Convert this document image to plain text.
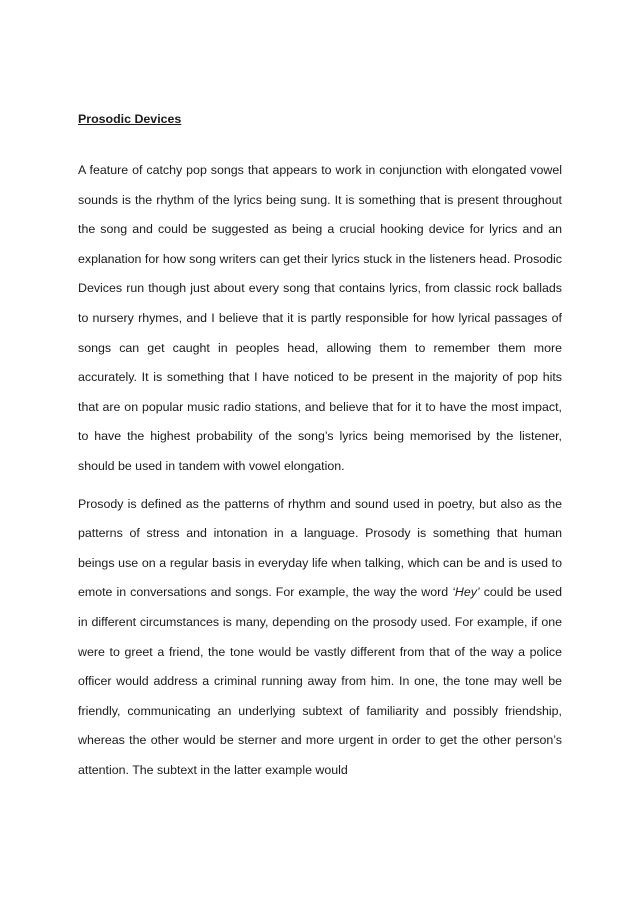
Prosodic Devices

A feature of catchy pop songs that appears to work in conjunction with elongated vowel sounds is the rhythm of the lyrics being sung. It is something that is present throughout the song and could be suggested as being a crucial hooking device for lyrics and an explanation for how song writers can get their lyrics stuck in the listeners head. Prosodic Devices run though just about every song that contains lyrics, from classic rock ballads to nursery rhymes, and I believe that it is partly responsible for how lyrical passages of songs can get caught in peoples head, allowing them to remember them more accurately. It is something that I have noticed to be present in the majority of pop hits that are on popular music radio stations, and believe that for it to have the most impact, to have the highest probability of the song’s lyrics being memorised by the listener, should be used in tandem with vowel elongation.

Prosody is defined as the patterns of rhythm and sound used in poetry, but also as the patterns of stress and intonation in a language. Prosody is something that human beings use on a regular basis in everyday life when talking, which can be and is used to emote in conversations and songs. For example, the way the word ‘Hey’ could be used in different circumstances is many, depending on the prosody used. For example, if one were to greet a friend, the tone would be vastly different from that of the way a police officer would address a criminal running away from him. In one, the tone may well be friendly, communicating an underlying subtext of familiarity and possibly friendship, whereas the other would be sterner and more urgent in order to get the other person’s attention. The subtext in the latter example would
